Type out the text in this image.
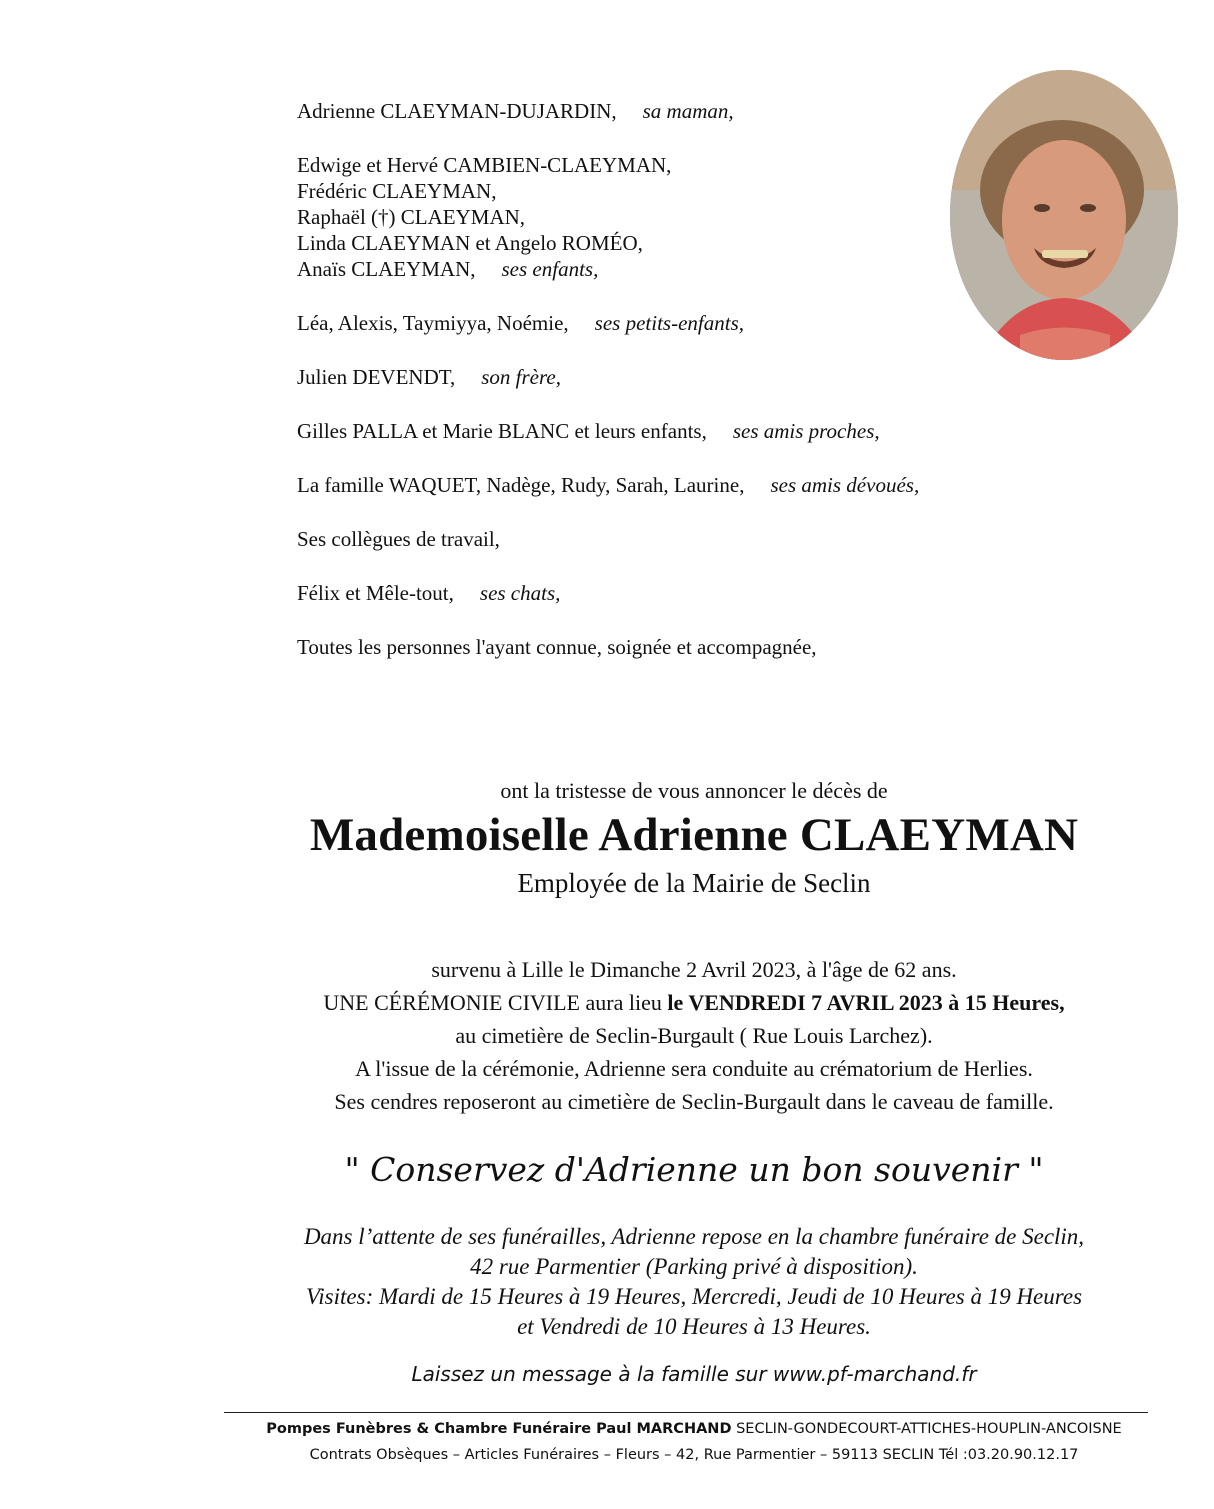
Adrienne CLAEYMAN-DUJARDIN, sa maman,
Edwige et Hervé CAMBIEN-CLAEYMAN,
Frédéric CLAEYMAN,
Raphaël (†) CLAEYMAN,
Linda CLAEYMAN et Angelo ROMÉO,
Anaïs CLAEYMAN, ses enfants,
Léa, Alexis, Taymiyya, Noémie, ses petits-enfants,
Julien DEVENDT, son frère,
Gilles PALLA et Marie BLANC et leurs enfants, ses amis proches,
La famille WAQUET, Nadège, Rudy, Sarah, Laurine, ses amis dévoués,
Ses collègues de travail,
Félix et Mêle-tout, ses chats,
Toutes les personnes l'ayant connue, soignée et accompagnée,
ont la tristesse de vous annoncer le décès de
Mademoiselle Adrienne CLAEYMAN
Employée de la Mairie de Seclin
survenu à Lille le Dimanche 2 Avril 2023, à l'âge de 62 ans.
UNE CÉRÉMONIE CIVILE aura lieu le VENDREDI 7 AVRIL 2023 à 15 Heures,
au cimetière de Seclin-Burgault ( Rue Louis Larchez).
A l'issue de la cérémonie, Adrienne sera conduite au crématorium de Herlies.
Ses cendres reposeront au cimetière de Seclin-Burgault dans le caveau de famille.
" Conservez d'Adrienne un bon souvenir "
Dans l’attente de ses funérailles, Adrienne repose en la chambre funéraire de Seclin,
42 rue Parmentier (Parking privé à disposition).
Visites: Mardi de 15 Heures à 19 Heures, Mercredi, Jeudi de 10 Heures à 19 Heures
et Vendredi de 10 Heures à 13 Heures.
Laissez un message à la famille sur www.pf-marchand.fr
Pompes Funèbres & Chambre Funéraire Paul MARCHAND SECLIN-GONDECOURT-ATTICHES-HOUPLIN-ANCOISNE
Contrats Obsèques – Articles Funéraires – Fleurs – 42, Rue Parmentier – 59113 SECLIN Tél :03.20.90.12.17
